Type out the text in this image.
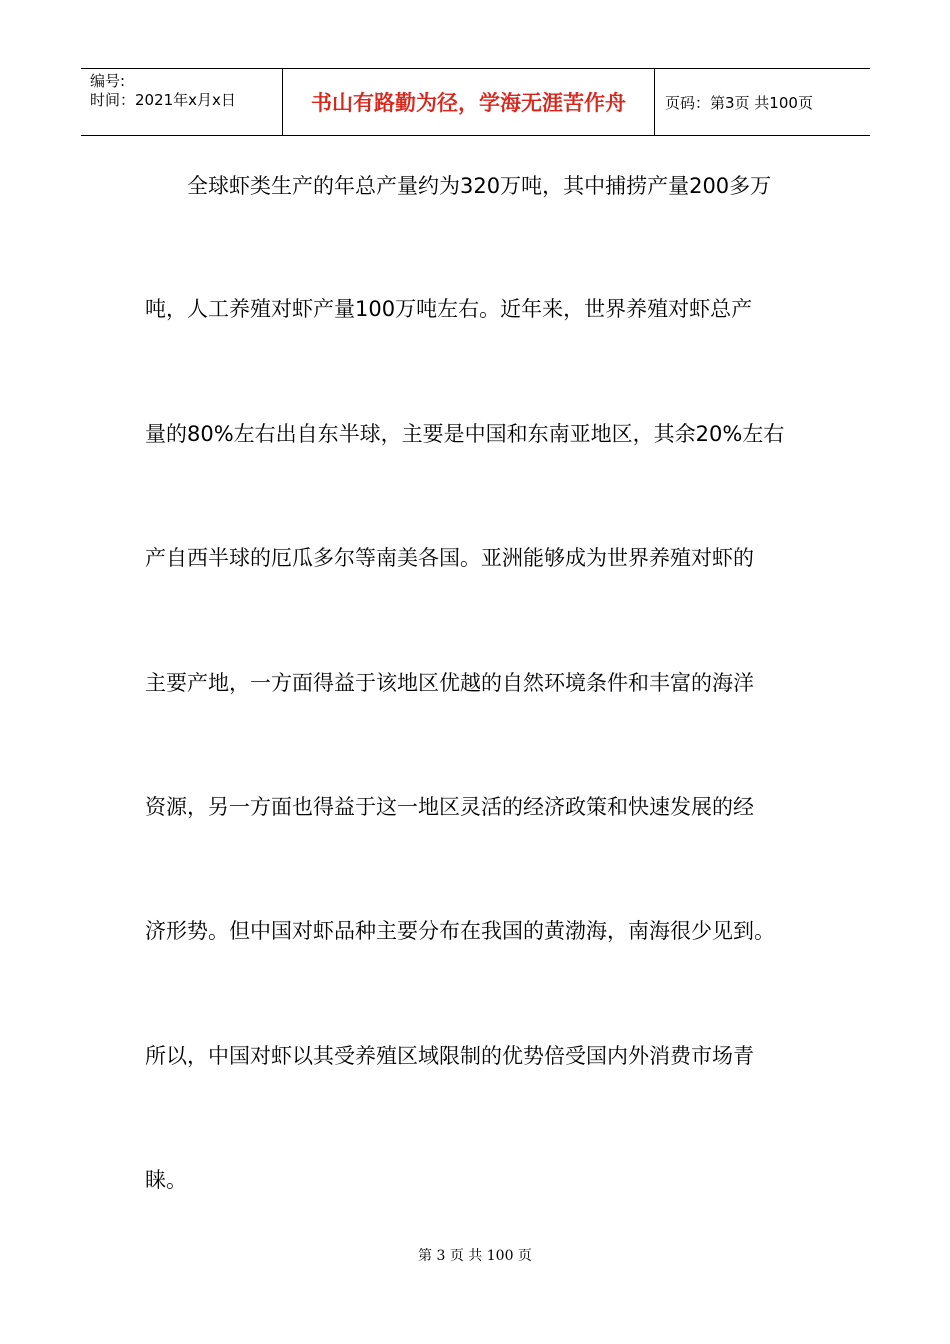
编号:
时间：2021年x月x日	书山有路勤为径，学海无涯苦作舟	页码：第3页 共100页
全球虾类生产的年总产量约为320万吨，其中捕捞产量200多万
吨，人工养殖对虾产量100万吨左右。近年来，世界养殖对虾总产
量的80%左右出自东半球，主要是中国和东南亚地区，其余20%左右
产自西半球的厄瓜多尔等南美各国。亚洲能够成为世界养殖对虾的
主要产地，一方面得益于该地区优越的自然环境条件和丰富的海洋
资源，另一方面也得益于这一地区灵活的经济政策和快速发展的经
济形势。但中国对虾品种主要分布在我国的黄渤海，南海很少见到。
所以，中国对虾以其受养殖区域限制的优势倍受国内外消费市场青
睐。
第 3 页 共 100 页
